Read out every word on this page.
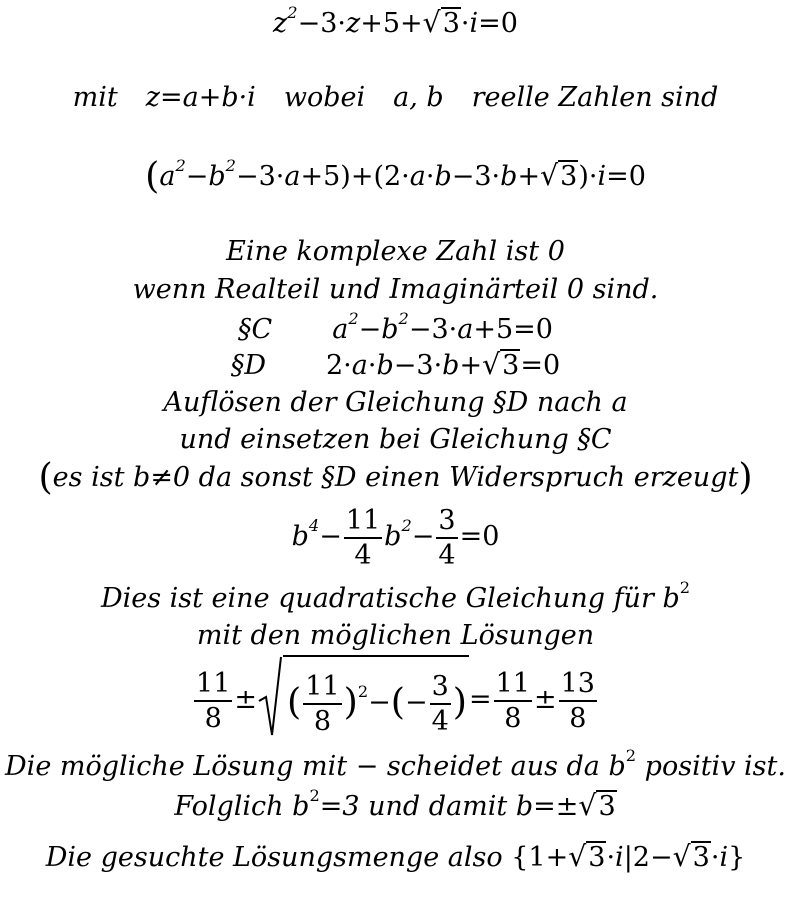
$z^2-3\cdot z+5+√3\cdot i=0$
mit z=a+b·i wobei a, b reelle Zahlen sind
$(a^2-b^2-3\cdot a+5)+(2\cdot a\cdot b-3\cdot b+√3)\cdot i=0$
Eine komplexe Zahl ist 0
wenn Realteil und Imaginärteil 0 sind.
§C $a^2-b^2-3\cdot a+5=0$
§D 2·a·b−3·b+√3=0
Auflösen der Gleichung §D nach a
und einsetzen bei Gleichung §C
(es ist b≠0 da sonst §D einen Widerspruch erzeugt)
$b^4- \frac{11}{4} b^2- \frac{3}{4} =0$
Dies ist eine quadratische Gleichung für $b^2$
mit den möglichen Lösungen
$\frac{11}{8}$ ± ( $\frac{11}{8} )^2-(- \frac{3}{4}$ )= $\frac{11}{8} \pm \frac{13}{8}$
Die mögliche Lösung mit − scheidet aus da $b^2$ positiv ist.
Folglich $b^2=3$ und damit b=±√3
Die gesuchte Lösungsmenge also {1+√3·i|2−√3·i}
